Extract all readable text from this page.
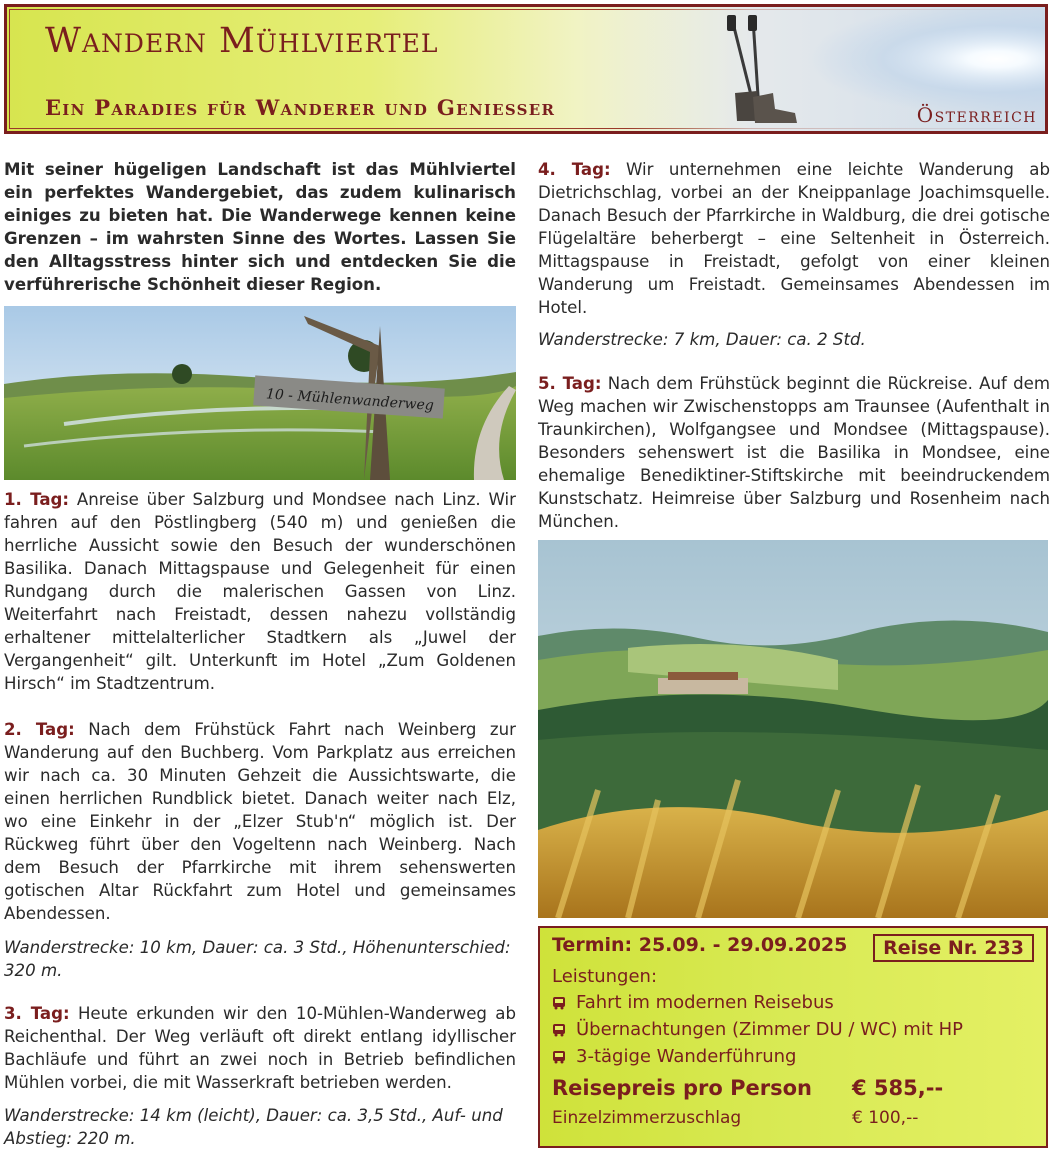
Wandern Mühlviertel
Ein Paradies für Wanderer und Geniesser	Österreich

Mit seiner hügeligen Landschaft ist das Mühlviertel ein perfektes Wandergebiet, das zudem kulinarisch einiges zu bieten hat. Die Wanderwege kennen keine Grenzen – im wahrsten Sinne des Wortes. Lassen Sie den Alltagsstress hinter sich und entdecken Sie die verführerische Schönheit dieser Region.

10 - Mühlenwanderweg
1. Tag: Anreise über Salzburg und Mondsee nach Linz. Wir fahren auf den Pöstlingberg (540 m) und genießen die herrliche Aussicht sowie den Besuch der wunderschönen Basilika. Danach Mittagspause und Gelegenheit für einen Rundgang durch die malerischen Gassen von Linz. Weiterfahrt nach Freistadt, dessen nahezu vollständig erhaltener mittelalterlicher Stadtkern als „Juwel der Vergangenheit“ gilt. Unterkunft im Hotel „Zum Goldenen Hirsch“ im Stadtzentrum.
2. Tag: Nach dem Frühstück Fahrt nach Weinberg zur Wanderung auf den Buchberg. Vom Parkplatz aus erreichen wir nach ca. 30 Minuten Gehzeit die Aussichtswarte, die einen herrlichen Rundblick bietet. Danach weiter nach Elz, wo eine Einkehr in der „Elzer Stub'n“ möglich ist. Der Rückweg führt über den Vogeltenn nach Weinberg. Nach dem Besuch der Pfarrkirche mit ihrem sehenswerten gotischen Altar Rückfahrt zum Hotel und gemeinsames Abendessen.

Wanderstrecke: 10 km, Dauer: ca. 3 Std., Höhenunterschied: 320 m.

3. Tag: Heute erkunden wir den 10-Mühlen-Wanderweg ab Reichenthal. Der Weg verläuft oft direkt entlang idyllischer Bachläufe und führt an zwei noch in Betrieb befindlichen Mühlen vorbei, die mit Wasserkraft betrieben werden.

Wanderstrecke: 14 km (leicht), Dauer: ca. 3,5 Std., Auf- und Abstieg: 220 m.

4. Tag: Wir unternehmen eine leichte Wanderung ab Dietrichschlag, vorbei an der Kneippanlage Joachimsquelle. Danach Besuch der Pfarrkirche in Waldburg, die drei gotische Flügelaltäre beherbergt – eine Seltenheit in Österreich. Mittagspause in Freistadt, gefolgt von einer kleinen Wanderung um Freistadt. Gemeinsames Abendessen im Hotel.

Wanderstrecke: 7 km, Dauer: ca. 2 Std.

5. Tag: Nach dem Frühstück beginnt die Rückreise. Auf dem Weg machen wir Zwischenstopps am Traunsee (Aufenthalt in Traunkirchen), Wolfgangsee und Mondsee (Mittagspause). Besonders sehenswert ist die Basilika in Mondsee, eine ehemalige Benediktiner-Stiftskirche mit beeindruckendem Kunstschatz. Heimreise über Salzburg und Rosenheim nach München.
Termin: 25.09. - 29.09.2025	Reise Nr. 233
Leistungen:
Fahrt im modernen Reisebus
Übernachtungen (Zimmer DU / WC) mit HP
3-tägige Wanderführung
Reisepreis pro Person € 585,--
Einzelzimmerzuschlag	€ 100,--
